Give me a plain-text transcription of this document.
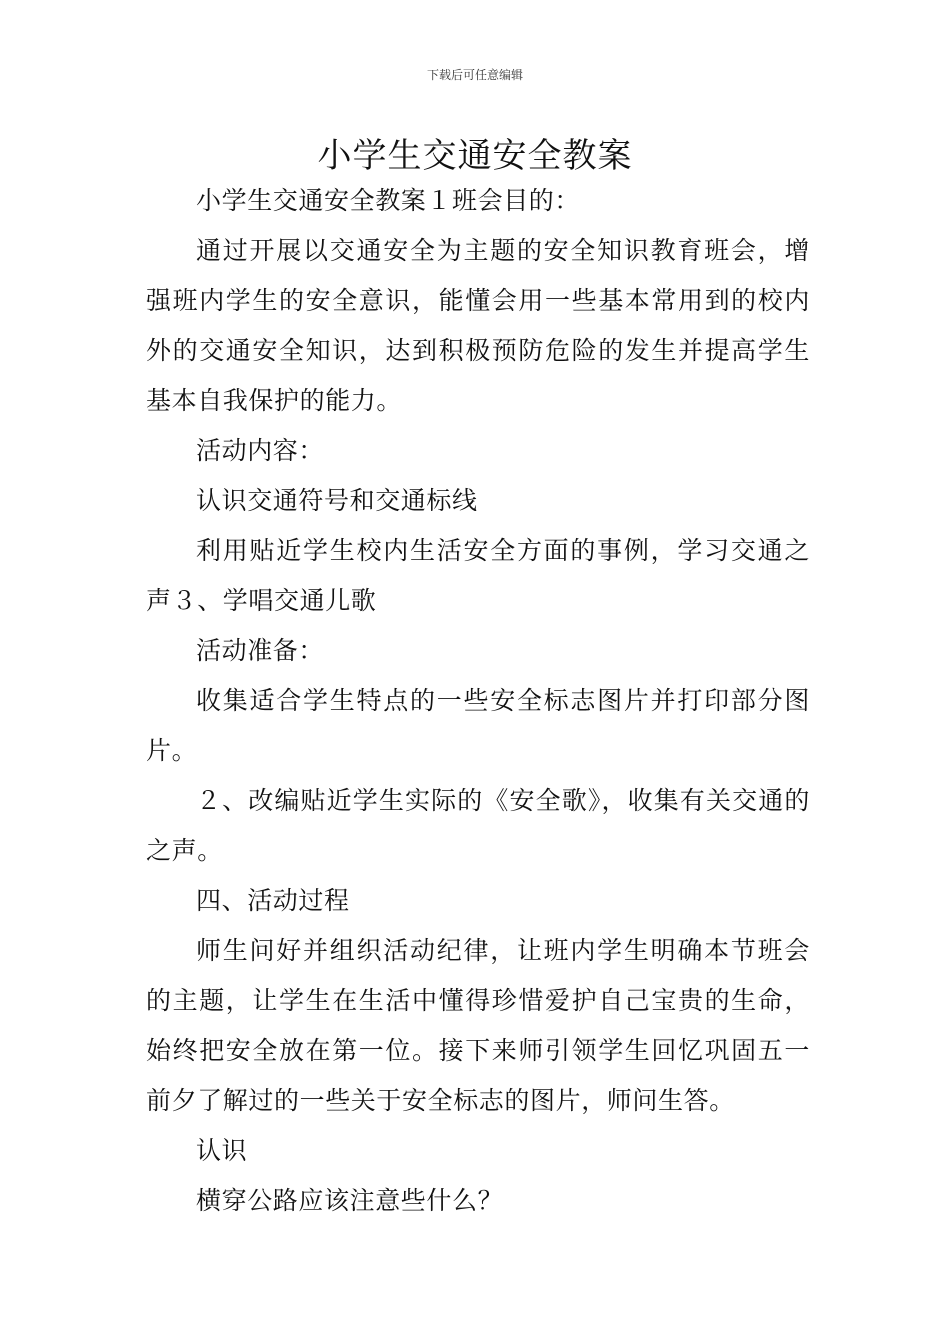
下载后可任意编辑
小学生交通安全教案

小学生交通安全教案１班会目的：

通过开展以交通安全为主题的安全知识教育班会，增强班内学生的安全意识，能懂会用一些基本常用到的校内外的交通安全知识，达到积极预防危险的发生并提高学生基本自我保护的能力。

活动内容：

认识交通符号和交通标线

利用贴近学生校内生活安全方面的事例，学习交通之声３、学唱交通儿歌

活动准备：

收集适合学生特点的一些安全标志图片并打印部分图片。

２、改编贴近学生实际的《安全歌》，收集有关交通的之声。

四、活动过程

师生问好并组织活动纪律，让班内学生明确本节班会的主题，让学生在生活中懂得珍惜爱护自己宝贵的生命，始终把安全放在第一位。接下来师引领学生回忆巩固五一前夕了解过的一些关于安全标志的图片，师问生答。

认识

横穿公路应该注意些什么？
